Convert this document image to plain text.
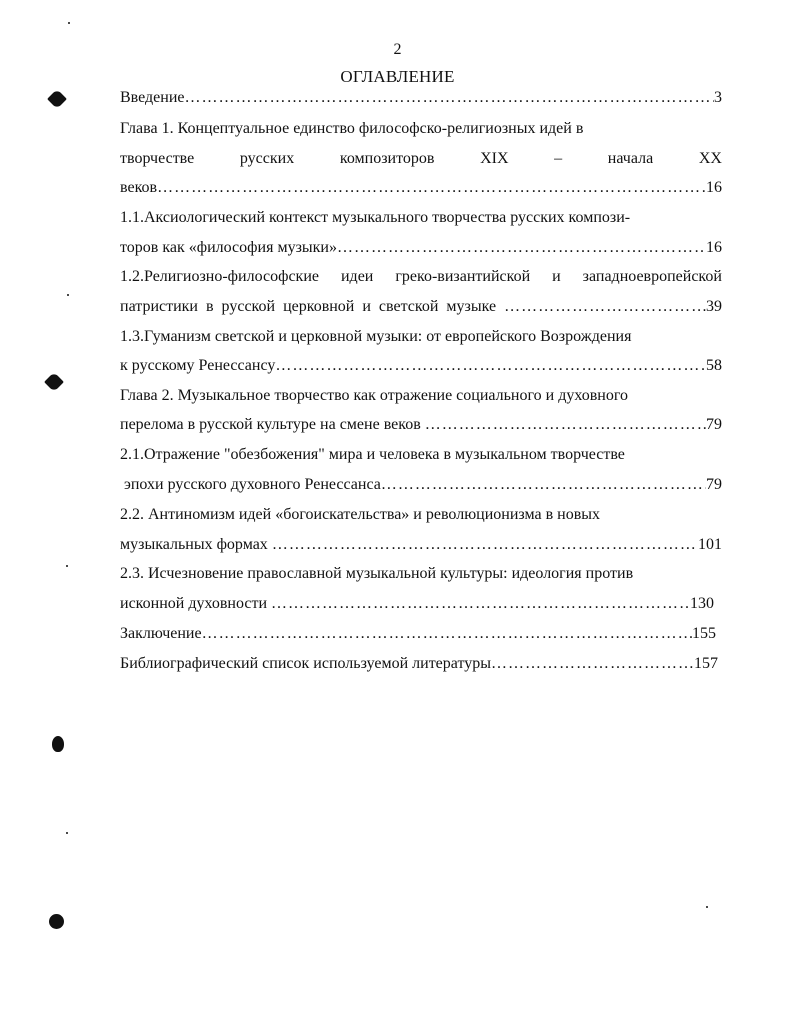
2
ОГЛАВЛЕНИЕ
Введение ……………………………………………………………………………………………………………………………………………	3
Глава 1. Концептуальное единство философско-религиозных идей в
творчестве	русских	композиторов	XIX	–	начала	XX
веков ……………………………………………………………………………………………………………………………………………	16
1.1.Аксиологический контекст музыкального творчества русских компози-
торов как «философия музыки» ……………………………………………………………………………………………………………………………………………	16
1.2.Религиозно-философские идеи греко-византийской и западноевропейской
патристики  в  русской  церковной  и  светской  музыке ……………………………………………………………………………………………………………………………………………	39
1.3.Гуманизм светской и церковной музыки: от европейского Возрождения
к русскому Ренессансу ……………………………………………………………………………………………………………………………………………	58
Глава 2. Музыкальное творчество как отражение социального и духовного
перелома в русской культуре на смене веков ……………………………………………………………………………………………………………………………………………	79
2.1.Отражение "обезбожения" мира и человека в музыкальном творчестве
эпохи русского духовного Ренессанса ……………………………………………………………………………………………………………………………………………	79
2.2. Антиномизм идей «богоискательства» и революционизма в новых
музыкальных формах ……………………………………………………………………………………………………………………………………………	101
2.3. Исчезновение православной музыкальной культуры: идеология против
исконной духовности ……………………………………………………………………………………………………………………………………………	130
Заключение ……………………………………………………………………………………………………………………………………………	155
Библиографический список используемой литературы ……………………………………………………………………………………………………………………………………………	157
